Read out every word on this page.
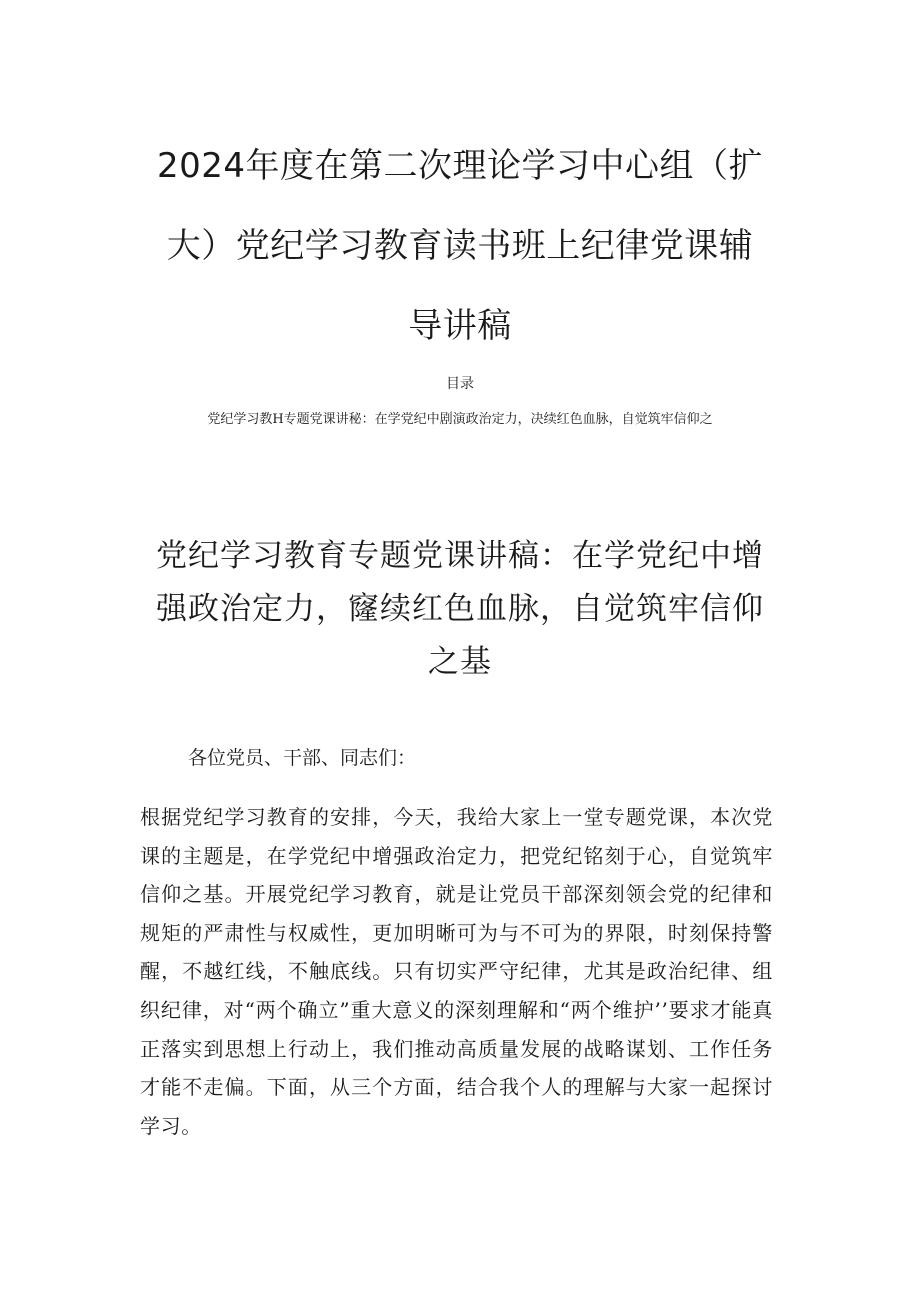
2024年度在第二次理论学习中心组（扩大）党纪学习教育读书班上纪律党课辅导讲稿

目录

党纪学习教H专题党课讲秘：在学党纪中剧演政治定力，决续红色血脉，自觉筑牢信仰之

党纪学习教育专题党课讲稿：在学党纪中增强政治定力，窿续红色血脉，自觉筑牢信仰之基

各位党员、干部、同志们：

根据党纪学习教育的安排，今天，我给大家上一堂专题党课，本次党课的主题是，在学党纪中增强政治定力，把党纪铭刻于心，自觉筑牢信仰之基。开展党纪学习教育，就是让党员干部深刻领会党的纪律和规矩的严肃性与权威性，更加明晰可为与不可为的界限，时刻保持警醒，不越红线，不触底线。只有切实严守纪律，尤其是政治纪律、组织纪律，对“两个确立”重大意义的深刻理解和“两个维护’’要求才能真正落实到思想上行动上，我们推动高质量发展的战略谋划、工作任务才能不走偏。下面，从三个方面，结合我个人的理解与大家一起探讨学习。
